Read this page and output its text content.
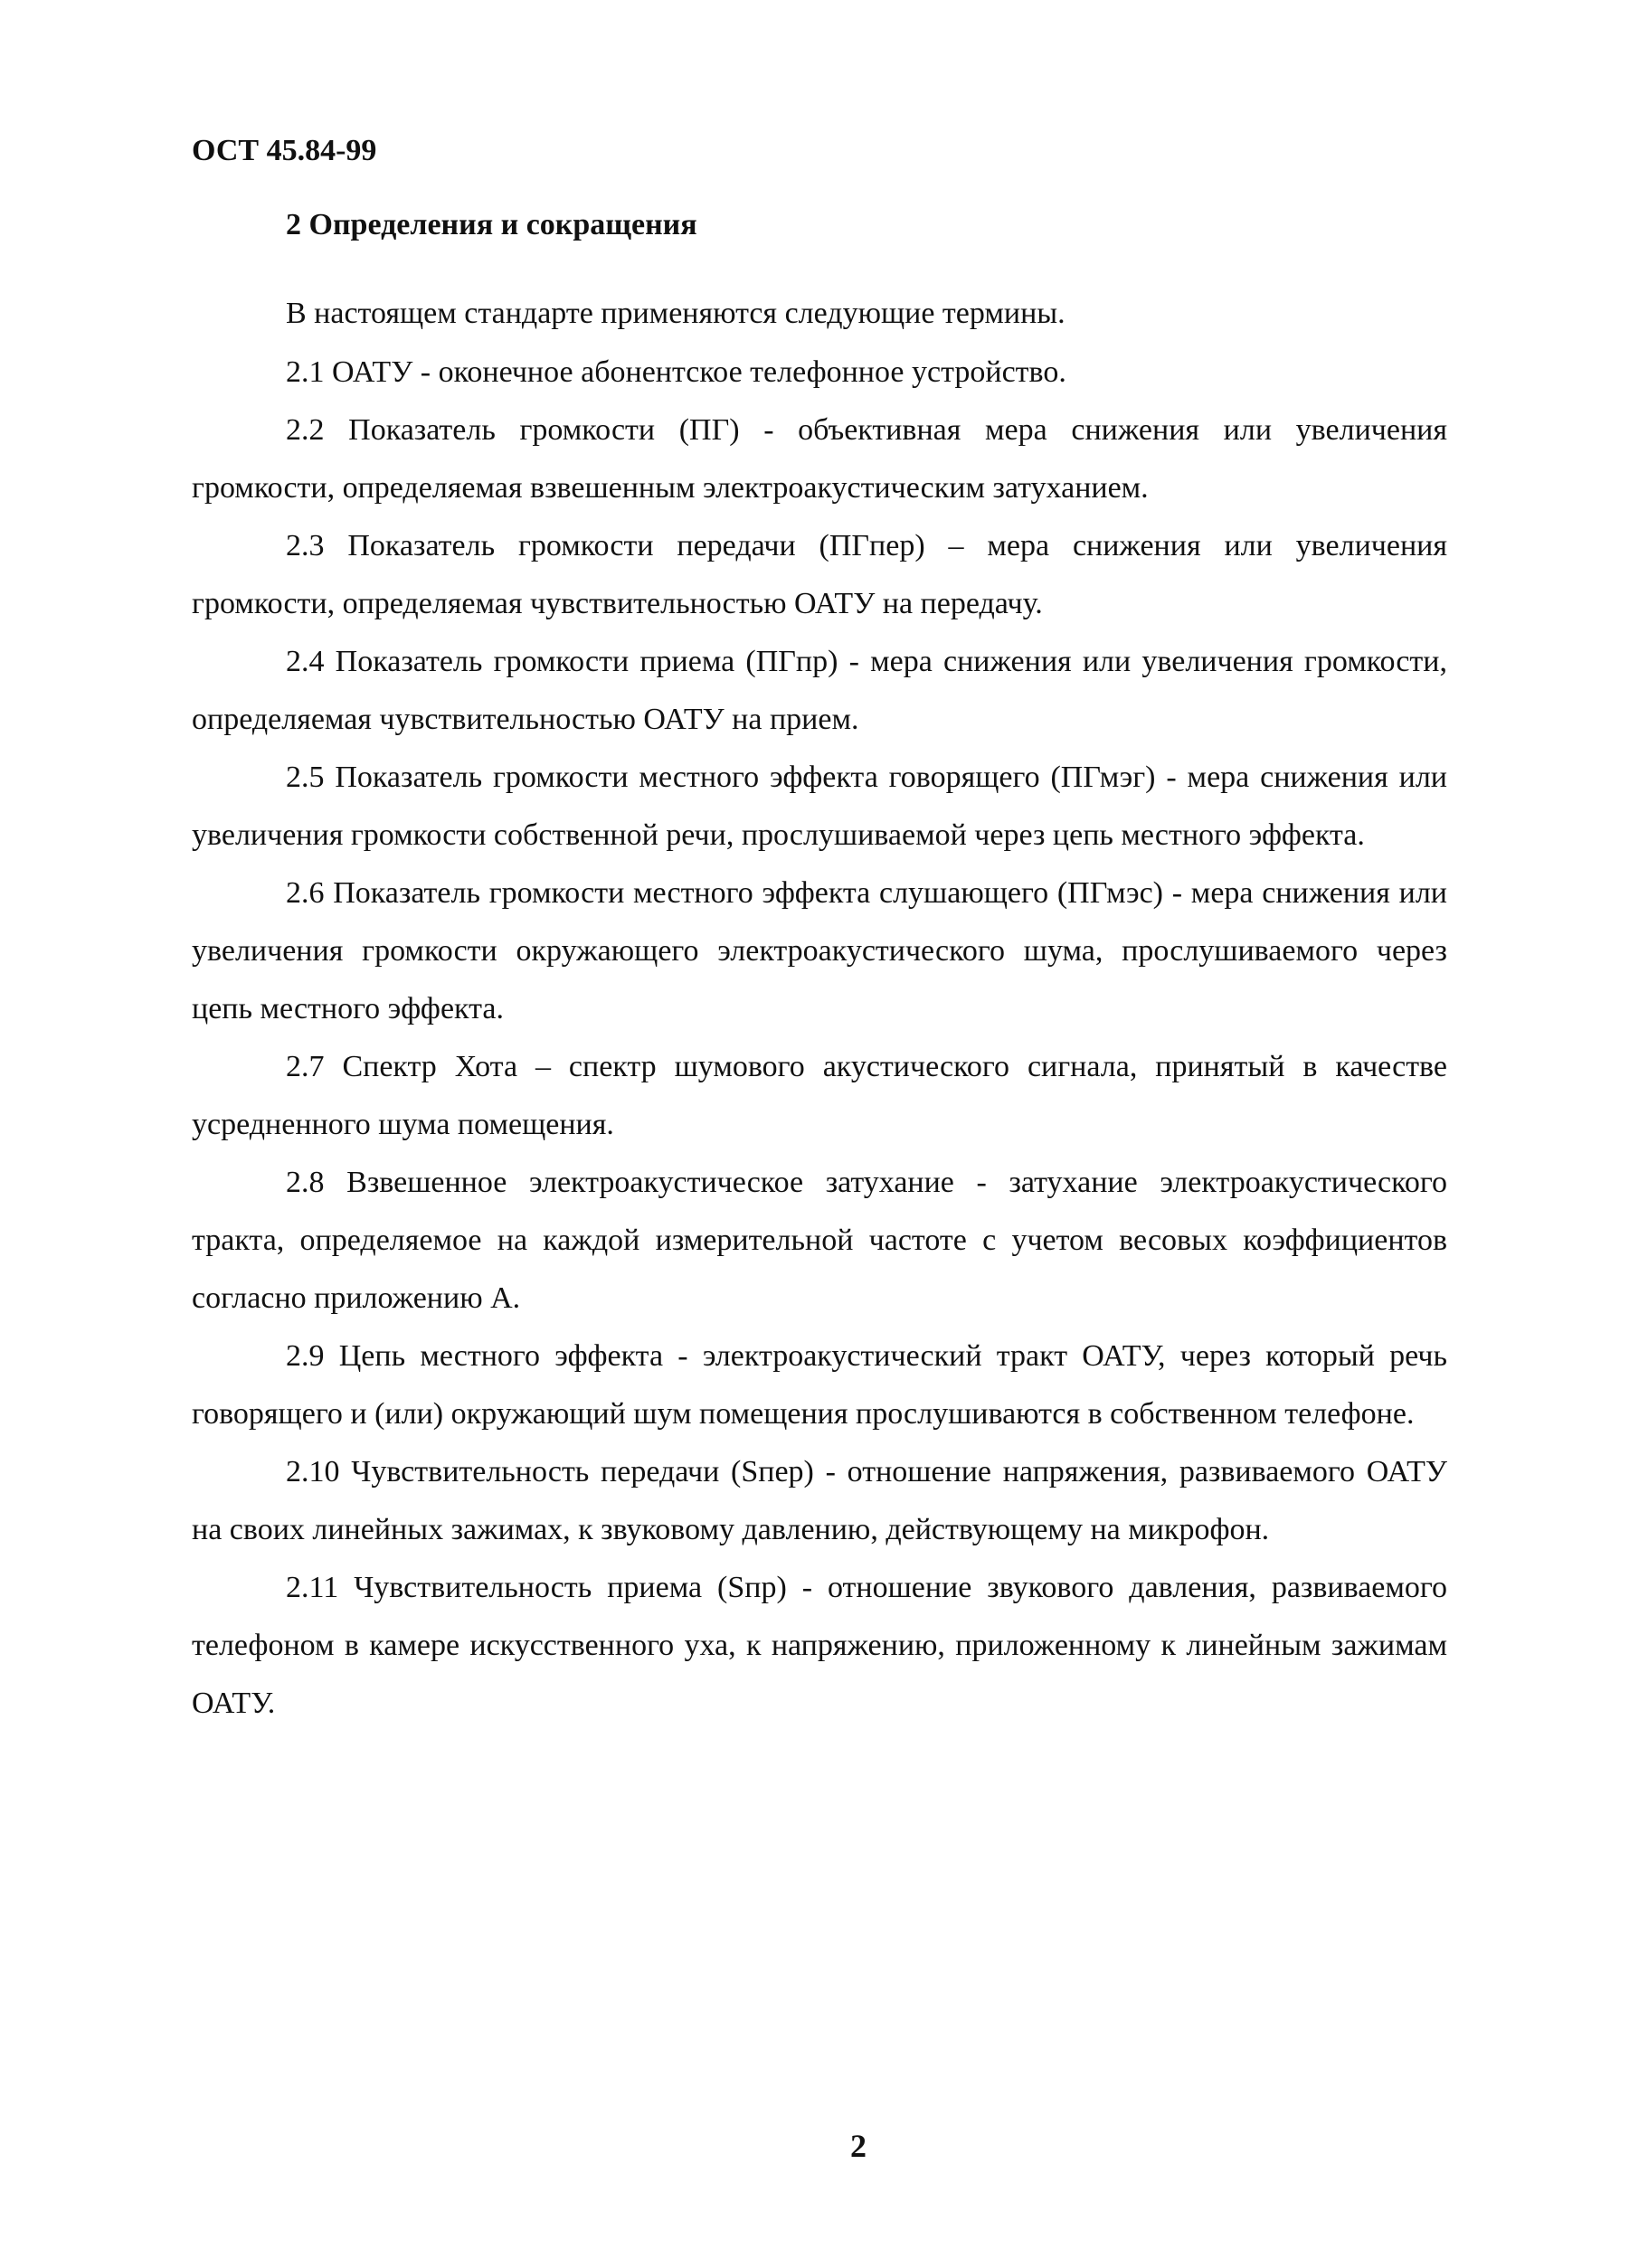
ОСТ 45.84-99
2 Определения и сокращения

В настоящем стандарте применяются следующие термины.

2.1 ОАТУ - оконечное абонентское телефонное устройство.

2.2 Показатель громкости (ПГ) - объективная мера снижения или увеличения громкости, определяемая взвешенным электроакустическим затуханием.

2.3 Показатель громкости передачи (ПГпер) – мера снижения или увеличения громкости, определяемая чувствительностью ОАТУ на передачу.

2.4 Показатель громкости приема (ПГпр) - мера снижения или увеличения громкости, определяемая чувствительностью ОАТУ на прием.

2.5 Показатель громкости местного эффекта говорящего (ПГмэг) - мера снижения или увеличения громкости собственной речи, прослушиваемой через цепь местного эффекта.

2.6 Показатель громкости местного эффекта слушающего (ПГмэс) - мера снижения или увеличения громкости окружающего электроакустического шума, прослушиваемого через цепь местного эффекта.

2.7 Спектр Хота – спектр шумового акустического сигнала, принятый в качестве усредненного шума помещения.

2.8 Взвешенное электроакустическое затухание - затухание электроакустического тракта, определяемое на каждой измерительной частоте с учетом весовых коэффициентов согласно приложению А.

2.9 Цепь местного эффекта - электроакустический тракт ОАТУ, через который речь говорящего и (или) окружающий шум помещения прослушиваются в собственном телефоне.

2.10 Чувствительность передачи (Sпер) - отношение напряжения, развиваемого ОАТУ на своих линейных зажимах, к звуковому давлению, действующему на микрофон.

2.11 Чувствительность приема (Sпр) - отношение звукового давления, развиваемого телефоном в камере искусственного уха, к напряжению, приложенному к линейным зажимам ОАТУ.

2
